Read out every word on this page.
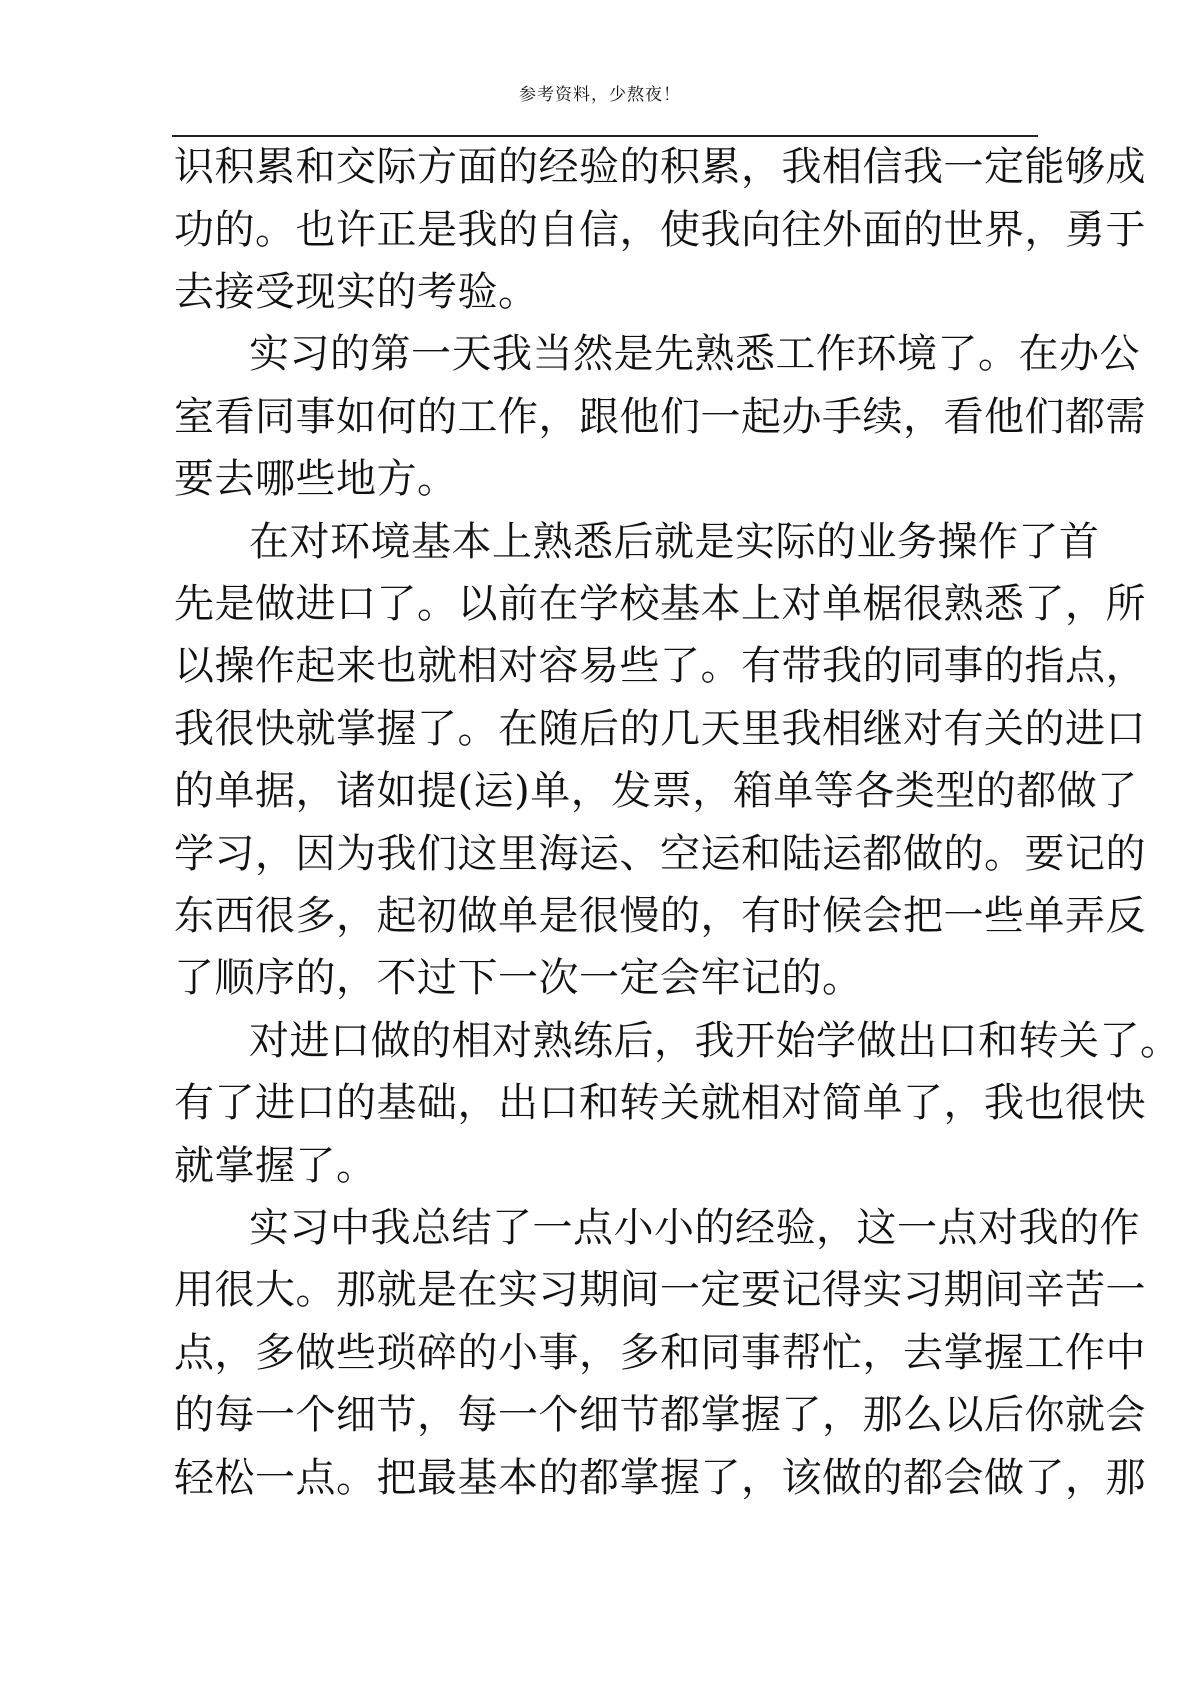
参考资料，少熬夜！
识积累和交际方面的经验的积累，我相信我一定能够成
功的。也许正是我的自信，使我向往外面的世界，勇于
去接受现实的考验。
实习的第一天我当然是先熟悉工作环境了。在办公
室看同事如何的工作，跟他们一起办手续，看他们都需
要去哪些地方。
在对环境基本上熟悉后就是实际的业务操作了首
先是做进口了。以前在学校基本上对单椐很熟悉了，所
以操作起来也就相对容易些了。有带我的同事的指点，
我很快就掌握了。在随后的几天里我相继对有关的进口
的单据，诸如提(运)单，发票，箱单等各类型的都做了
学习，因为我们这里海运、空运和陆运都做的。要记的
东西很多，起初做单是很慢的，有时候会把一些单弄反
了顺序的，不过下一次一定会牢记的。
对进口做的相对熟练后，我开始学做出口和转关了。
有了进口的基础，出口和转关就相对简单了，我也很快
就掌握了。
实习中我总结了一点小小的经验，这一点对我的作
用很大。那就是在实习期间一定要记得实习期间辛苦一
点，多做些琐碎的小事，多和同事帮忙，去掌握工作中
的每一个细节，每一个细节都掌握了，那么以后你就会
轻松一点。把最基本的都掌握了，该做的都会做了，那
